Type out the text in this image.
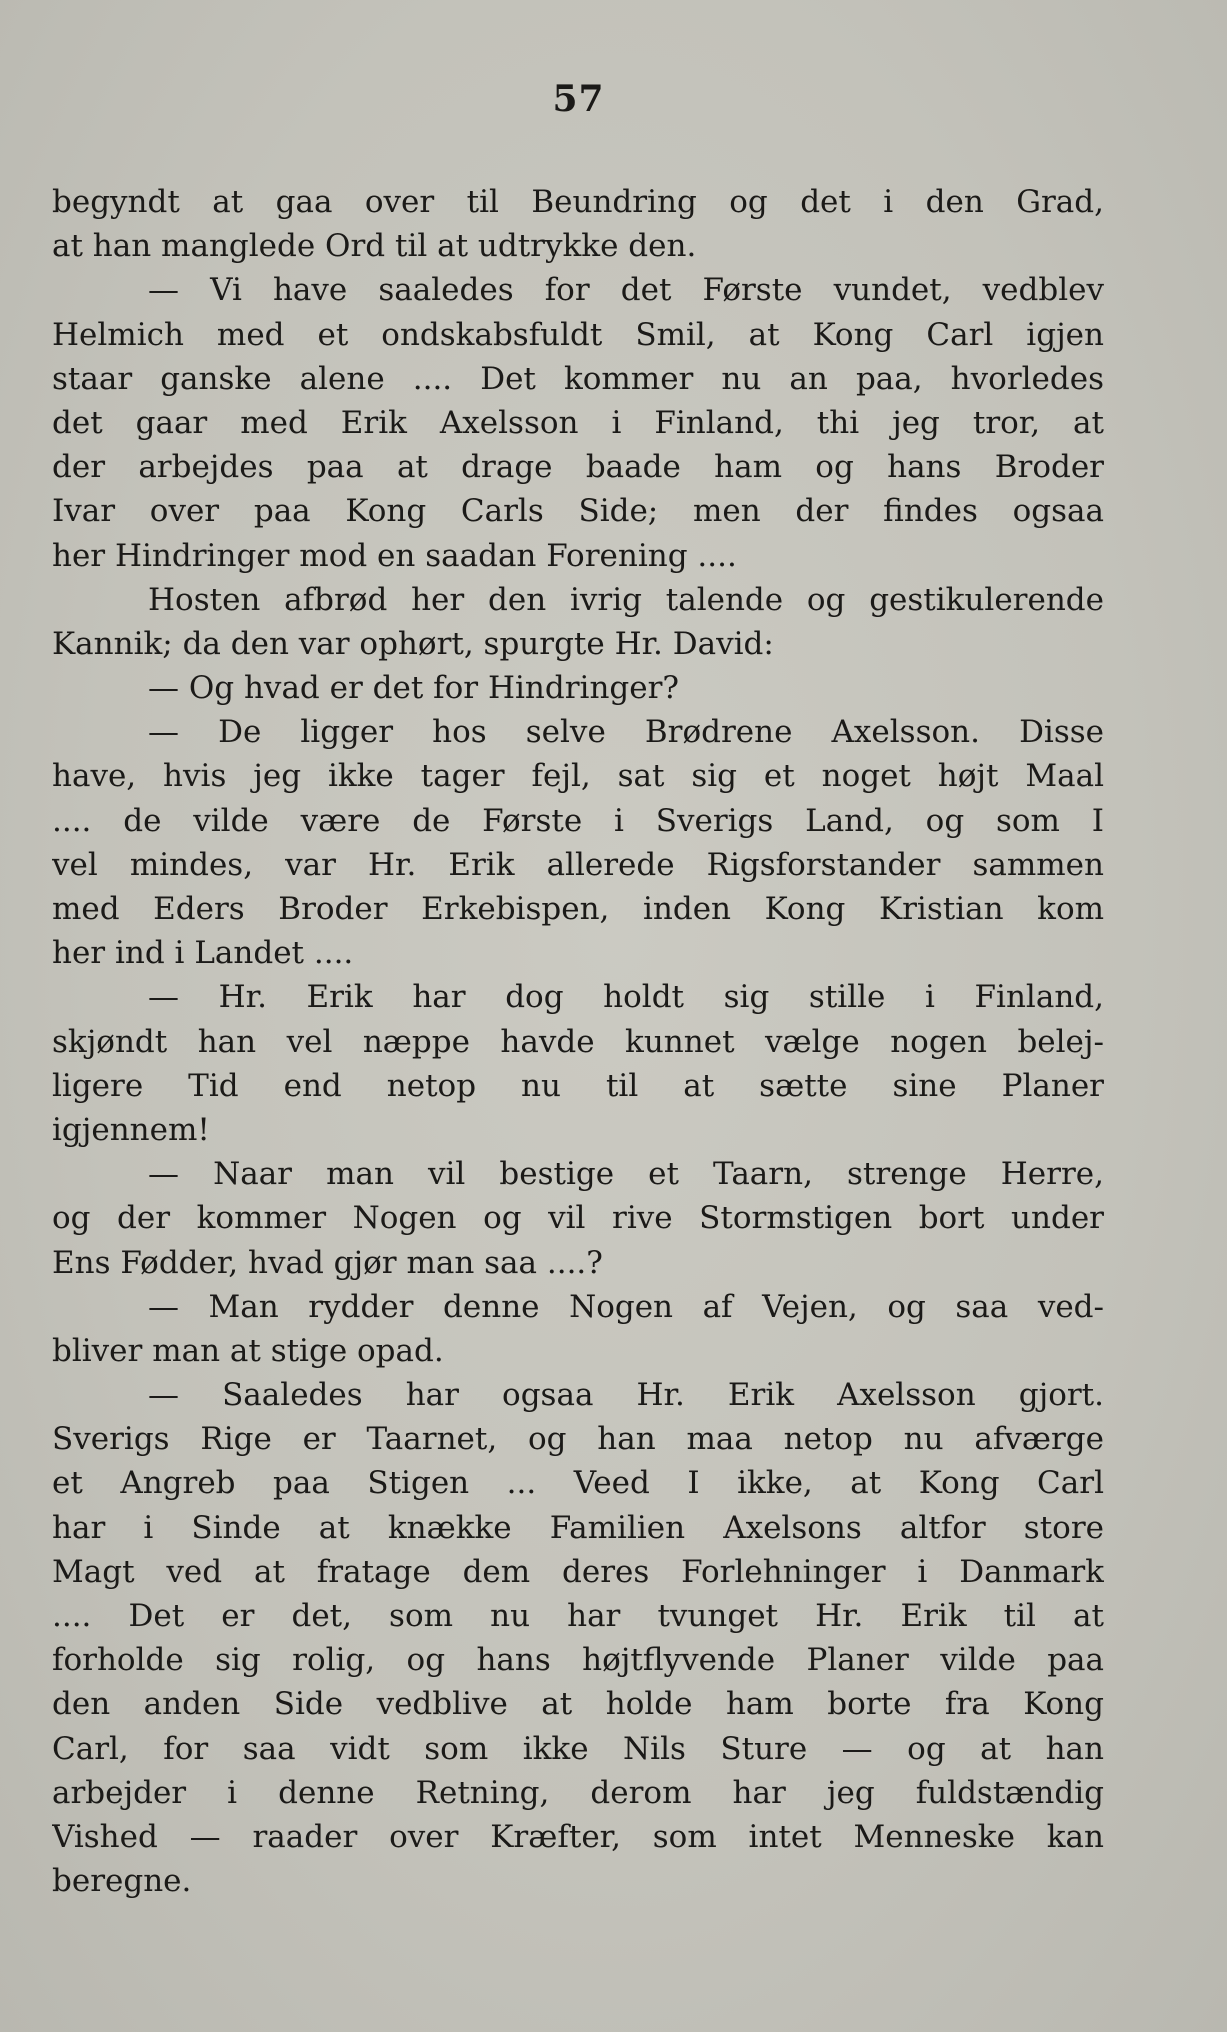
57
begyndt at gaa over til Beundring og det i den Grad,
at han manglede Ord til at udtrykke den.
— Vi have saaledes for det Første vundet, vedblev
Helmich med et ondskabsfuldt Smil, at Kong Carl igjen
staar ganske alene .... Det kommer nu an paa, hvorledes
det gaar med Erik Axelsson i Finland, thi jeg tror, at
der arbejdes paa at drage baade ham og hans Broder
Ivar over paa Kong Carls Side; men der findes ogsaa
her Hindringer mod en saadan Forening ....
Hosten afbrød her den ivrig talende og gestikulerende
Kannik; da den var ophørt, spurgte Hr. David:
— Og hvad er det for Hindringer?
— De ligger hos selve Brødrene Axelsson. Disse
have, hvis jeg ikke tager fejl, sat sig et noget højt Maal
.... de vilde være de Første i Sverigs Land, og som I
vel mindes, var Hr. Erik allerede Rigsforstander sammen
med Eders Broder Erkebispen, inden Kong Kristian kom
her ind i Landet ....
— Hr. Erik har dog holdt sig stille i Finland,
skjøndt han vel næppe havde kunnet vælge nogen belej-
ligere Tid end netop nu til at sætte sine Planer
igjennem!
— Naar man vil bestige et Taarn, strenge Herre,
og der kommer Nogen og vil rive Stormstigen bort under
Ens Fødder, hvad gjør man saa ....?
— Man rydder denne Nogen af Vejen, og saa ved-
bliver man at stige opad.
— Saaledes har ogsaa Hr. Erik Axelsson gjort.
Sverigs Rige er Taarnet, og han maa netop nu afværge
et Angreb paa Stigen ... Veed I ikke, at Kong Carl
har i Sinde at knække Familien Axelsons altfor store
Magt ved at fratage dem deres Forlehninger i Danmark
.... Det er det, som nu har tvunget Hr. Erik til at
forholde sig rolig, og hans højtflyvende Planer vilde paa
den anden Side vedblive at holde ham borte fra Kong
Carl, for saa vidt som ikke Nils Sture — og at han
arbejder i denne Retning, derom har jeg fuldstændig
Vished — raader over Kræfter, som intet Menneske kan
beregne.
